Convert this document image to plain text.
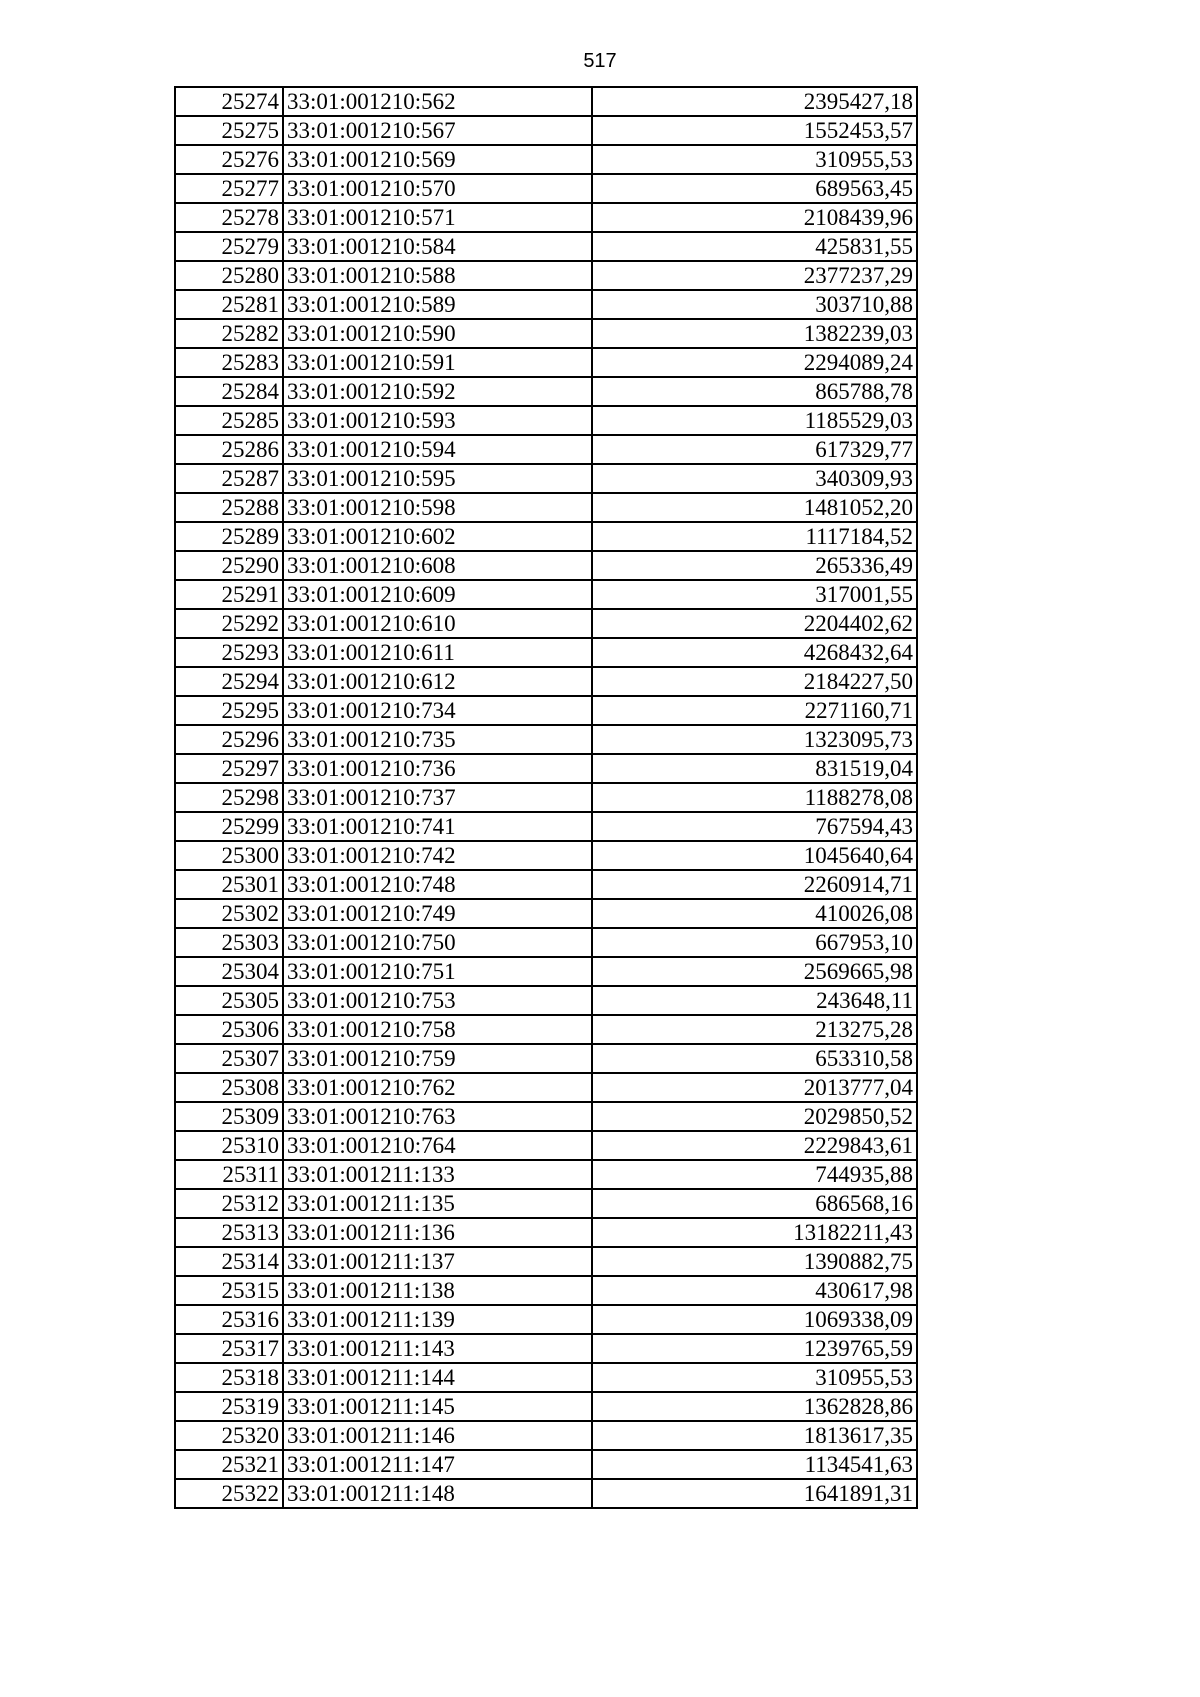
517
25274	33:01:001210:562	2395427,18
25275	33:01:001210:567	1552453,57
25276	33:01:001210:569	310955,53
25277	33:01:001210:570	689563,45
25278	33:01:001210:571	2108439,96
25279	33:01:001210:584	425831,55
25280	33:01:001210:588	2377237,29
25281	33:01:001210:589	303710,88
25282	33:01:001210:590	1382239,03
25283	33:01:001210:591	2294089,24
25284	33:01:001210:592	865788,78
25285	33:01:001210:593	1185529,03
25286	33:01:001210:594	617329,77
25287	33:01:001210:595	340309,93
25288	33:01:001210:598	1481052,20
25289	33:01:001210:602	1117184,52
25290	33:01:001210:608	265336,49
25291	33:01:001210:609	317001,55
25292	33:01:001210:610	2204402,62
25293	33:01:001210:611	4268432,64
25294	33:01:001210:612	2184227,50
25295	33:01:001210:734	2271160,71
25296	33:01:001210:735	1323095,73
25297	33:01:001210:736	831519,04
25298	33:01:001210:737	1188278,08
25299	33:01:001210:741	767594,43
25300	33:01:001210:742	1045640,64
25301	33:01:001210:748	2260914,71
25302	33:01:001210:749	410026,08
25303	33:01:001210:750	667953,10
25304	33:01:001210:751	2569665,98
25305	33:01:001210:753	243648,11
25306	33:01:001210:758	213275,28
25307	33:01:001210:759	653310,58
25308	33:01:001210:762	2013777,04
25309	33:01:001210:763	2029850,52
25310	33:01:001210:764	2229843,61
25311	33:01:001211:133	744935,88
25312	33:01:001211:135	686568,16
25313	33:01:001211:136	13182211,43
25314	33:01:001211:137	1390882,75
25315	33:01:001211:138	430617,98
25316	33:01:001211:139	1069338,09
25317	33:01:001211:143	1239765,59
25318	33:01:001211:144	310955,53
25319	33:01:001211:145	1362828,86
25320	33:01:001211:146	1813617,35
25321	33:01:001211:147	1134541,63
25322	33:01:001211:148	1641891,31
